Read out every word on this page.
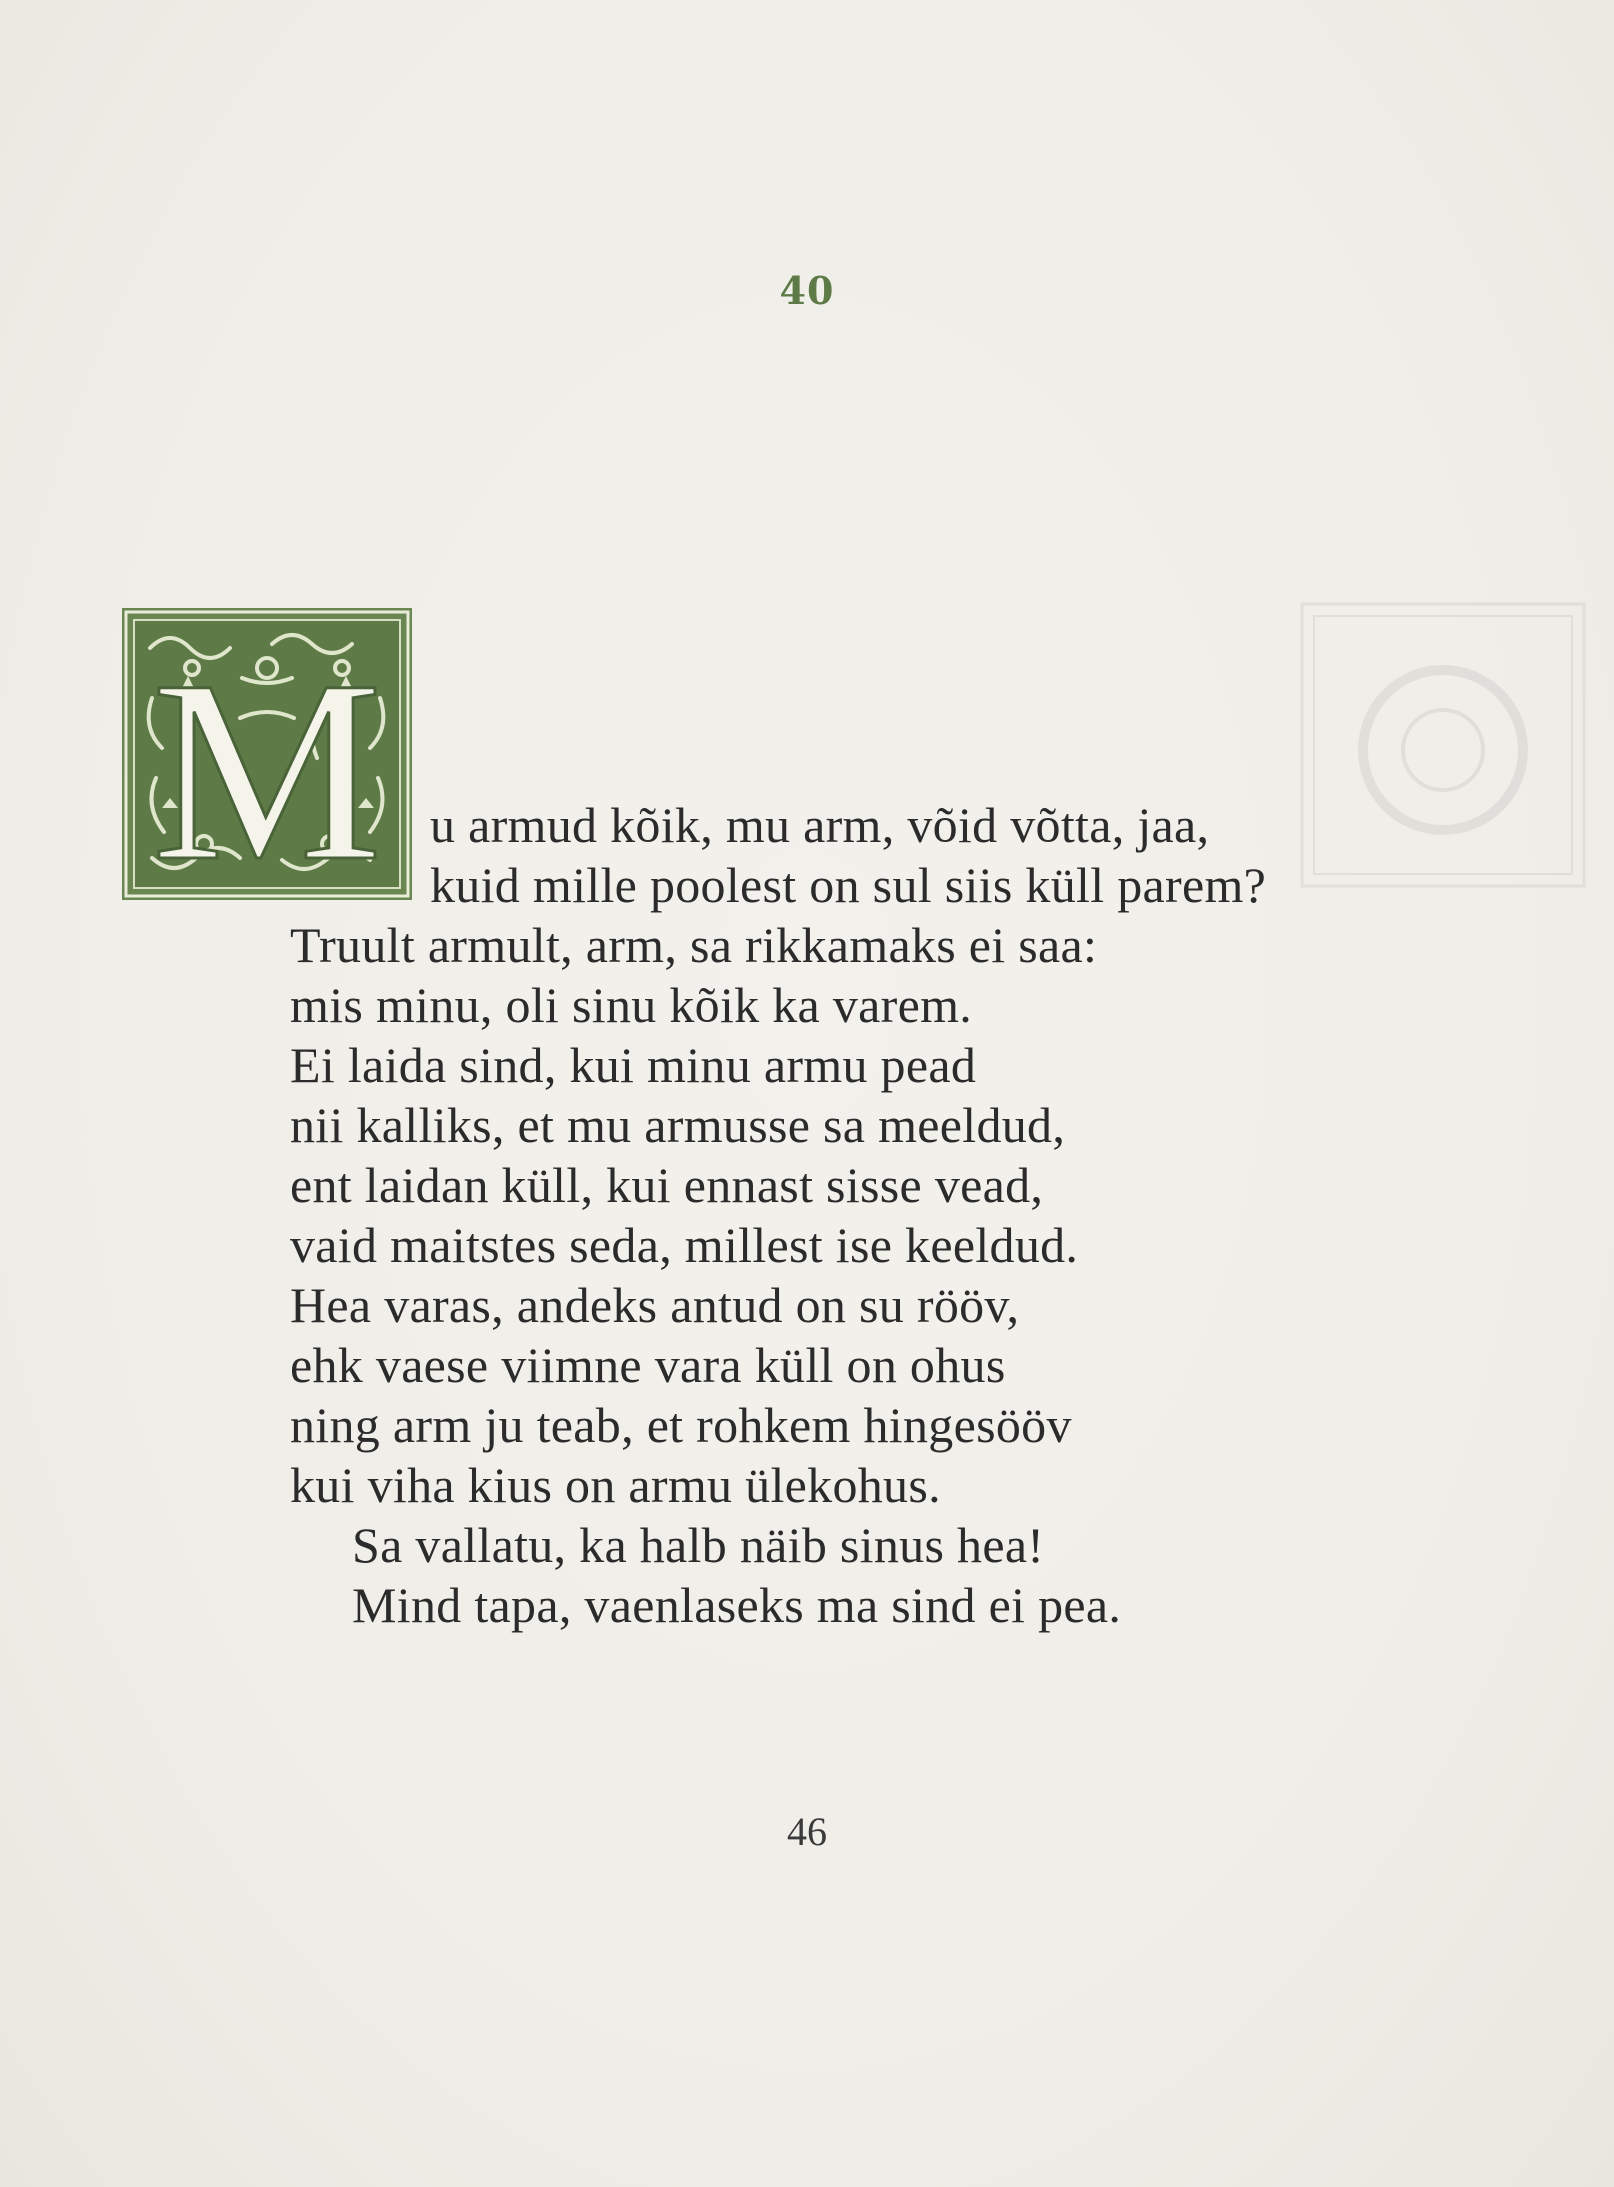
40
M u armud kõik, mu arm, võid võtta, jaa,
kuid mille poolest on sul siis küll parem?
Truult armult, arm, sa rikkamaks ei saa:
mis minu, oli sinu kõik ka varem.
Ei laida sind, kui minu armu pead
nii kalliks, et mu armusse sa meeldud,
ent laidan küll, kui ennast sisse vead,
vaid maitstes seda, millest ise keeldud.
Hea varas, andeks antud on su rööv,
ehk vaese viimne vara küll on ohus
ning arm ju teab, et rohkem hingesööv
kui viha kius on armu ülekohus.
Sa vallatu, ka halb näib sinus hea!
Mind tapa, vaenlaseks ma sind ei pea.
46
